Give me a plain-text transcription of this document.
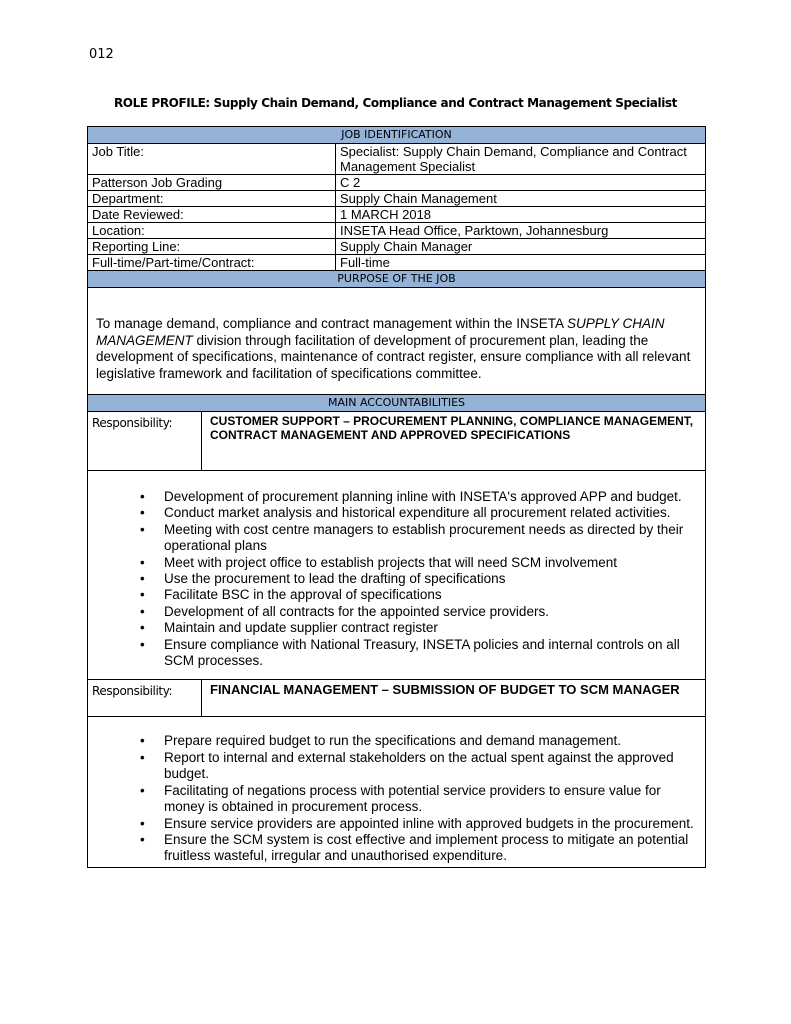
012
ROLE PROFILE: Supply Chain Demand, Compliance and Contract Management Specialist
JOB IDENTIFICATION
Job Title:	Specialist: Supply Chain Demand, Compliance and Contract Management Specialist
Patterson Job Grading	C 2
Department:	Supply Chain Management
Date Reviewed:	1 MARCH 2018
Location:	INSETA Head Office, Parktown, Johannesburg
Reporting Line:	Supply Chain Manager
Full-time/Part-time/Contract:	Full-time
PURPOSE OF THE JOB
To manage demand, compliance and contract management within the INSETA SUPPLY CHAIN MANAGEMENT division through facilitation of development of procurement plan, leading the development of specifications, maintenance of contract register, ensure compliance with all relevant legislative framework and facilitation of specifications committee.
MAIN ACCOUNTABILITIES
Responsibility:	CUSTOMER SUPPORT – PROCUREMENT PLANNING, COMPLIANCE MANAGEMENT, CONTRACT MANAGEMENT AND APPROVED SPECIFICATIONS
• Development of procurement planning inline with INSETA's approved APP and budget.
• Conduct market analysis and historical expenditure all procurement related activities.
• Meeting with cost centre managers to establish procurement needs as directed by their operational plans
• Meet with project office to establish projects that will need SCM involvement
• Use the procurement to lead the drafting of specifications
• Facilitate BSC in the approval of specifications
• Development of all contracts for the appointed service providers.
• Maintain and update supplier contract register
• Ensure compliance with National Treasury, INSETA policies and internal controls on all SCM processes.
Responsibility:	FINANCIAL MANAGEMENT – SUBMISSION OF BUDGET TO SCM MANAGER
• Prepare required budget to run the specifications and demand management.
• Report to internal and external stakeholders on the actual spent against the approved budget.
• Facilitating of negations process with potential service providers to ensure value for money is obtained in procurement process.
• Ensure service providers are appointed inline with approved budgets in the procurement.
• Ensure the SCM system is cost effective and implement process to mitigate an potential fruitless wasteful, irregular and unauthorised expenditure.
